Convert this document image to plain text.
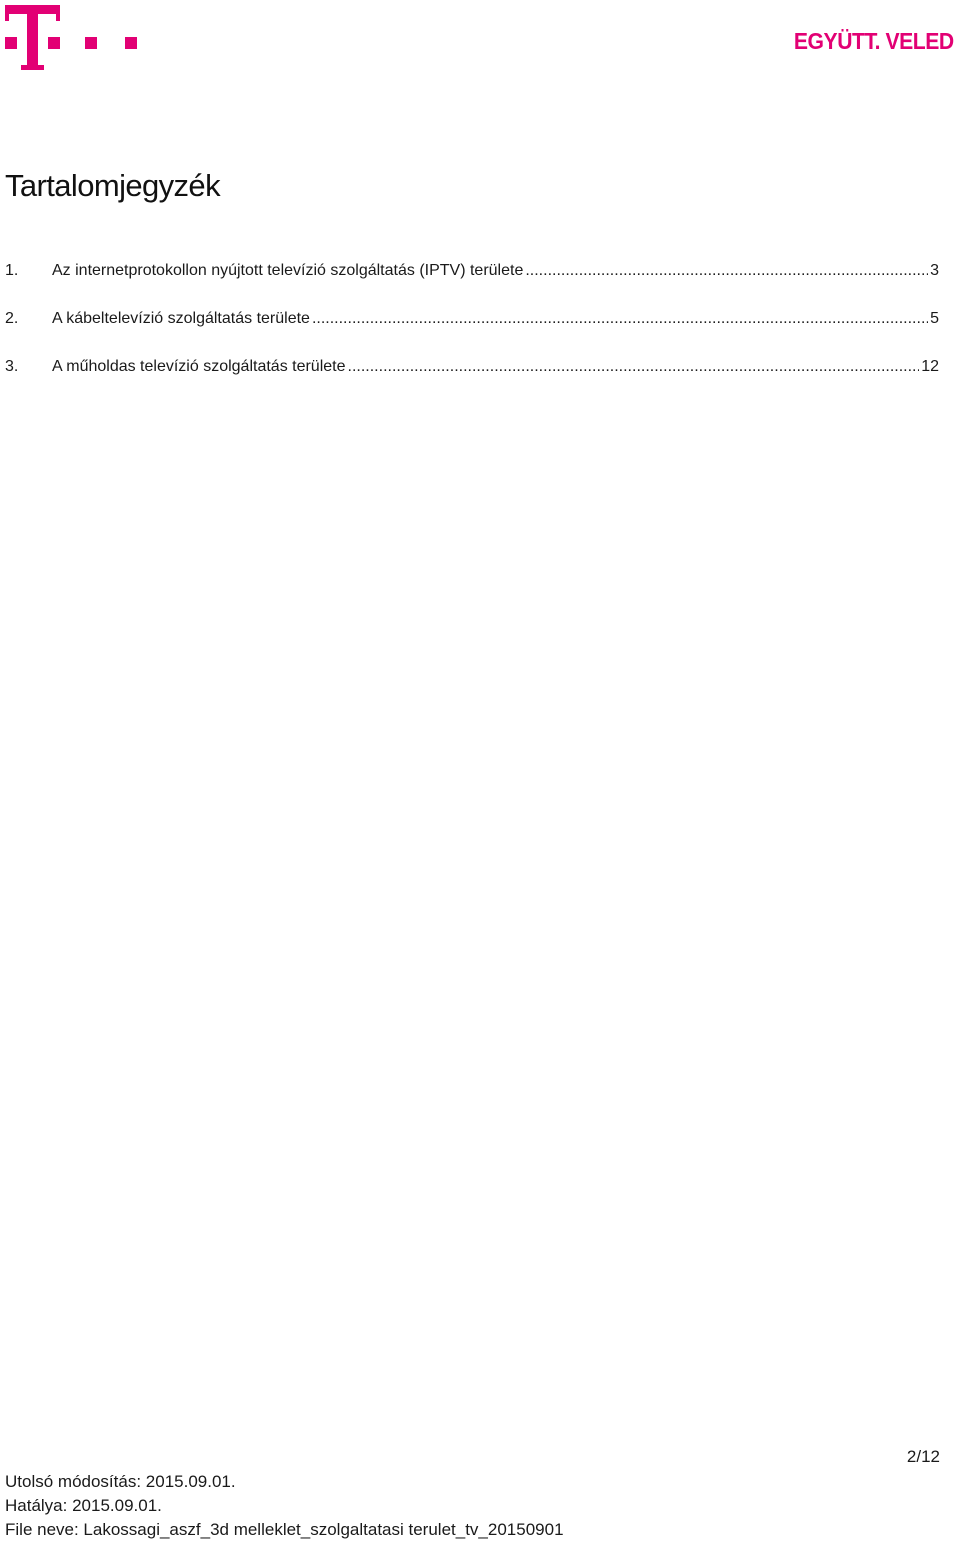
EGYÜTT. VELED
Tartalomjegyzék
1.	Az internetprotokollon nyújtott televízió szolgáltatás (IPTV) területe .....	3
2.	A kábeltelevízió szolgáltatás területe .....	5
3.	A műholdas televízió szolgáltatás területe .....	12
2/12
Utolsó módosítás: 2015.09.01.
Hatálya: 2015.09.01.
File neve: Lakossagi_aszf_3d melleklet_szolgaltatasi terulet_tv_20150901
